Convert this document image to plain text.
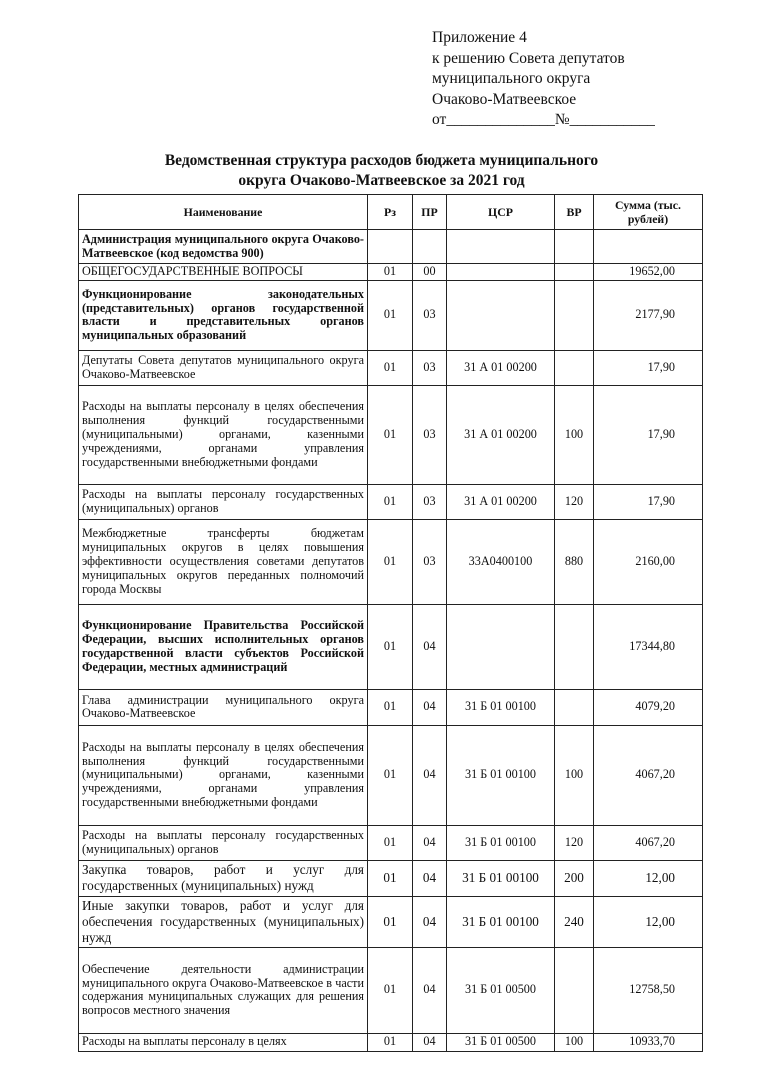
Приложение 4
к решению Совета депутатов
муниципального округа
Очаково-Матвеевское
от______________№___________
Ведомственная структура расходов бюджета муниципального
округа Очаково-Матвеевское за 2021 год
Наименование	Рз	ПР	ЦСР	ВР	Сумма (тыс. рублей)
Администрация муниципального округа Очаково-Матвеевское (код ведомства 900)					
ОБЩЕГОСУДАРСТВЕННЫЕ ВОПРОСЫ	01	00			19652,00
Функционирование законодательных (представительных) органов государственной власти и представительных органов муниципальных образований	01	03			2177,90
Депутаты Совета депутатов муниципального округа Очаково-Матвеевское	01	03	31 А 01 00200		17,90
Расходы на выплаты персоналу в целях обеспечения выполнения функций государственными (муниципальными) органами, казенными учреждениями, органами управления государственными внебюджетными фондами	01	03	31 А 01 00200	100	17,90
Расходы на выплаты персоналу государственных (муниципальных) органов	01	03	31 А 01 00200	120	17,90
Межбюджетные трансферты бюджетам муниципальных округов в целях повышения эффективности осуществления советами депутатов муниципальных округов переданных полномочий города Москвы	01	03	33А0400100	880	2160,00
Функционирование Правительства Российской Федерации, высших исполнительных органов государственной власти субъектов Российской Федерации, местных администраций	01	04			17344,80
Глава администрации муниципального округа Очаково-Матвеевское	01	04	31 Б 01 00100		4079,20
Расходы на выплаты персоналу в целях обеспечения выполнения функций государственными (муниципальными) органами, казенными учреждениями, органами управления государственными внебюджетными фондами	01	04	31 Б 01 00100	100	4067,20
Расходы на выплаты персоналу государственных (муниципальных) органов	01	04	31 Б 01 00100	120	4067,20
Закупка товаров, работ и услуг для государственных (муниципальных) нужд	01	04	31 Б 01 00100	200	12,00
Иные закупки товаров, работ и услуг для обеспечения государственных (муниципальных) нужд	01	04	31 Б 01 00100	240	12,00
Обеспечение деятельности администрации муниципального округа Очаково-Матвеевское в части содержания муниципальных служащих для решения вопросов местного значения	01	04	31 Б 01 00500		12758,50
Расходы на выплаты персоналу в целях	01	04	31 Б 01 00500	100	10933,70
